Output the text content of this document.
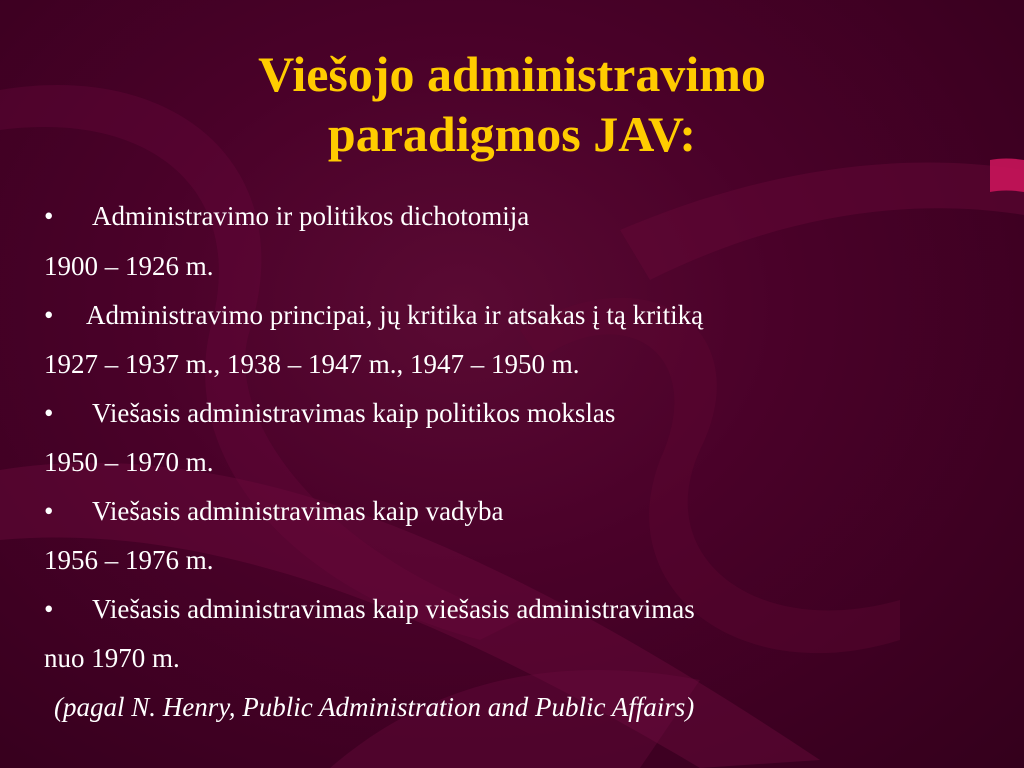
Viešojo administravimo
paradigmos JAV:
• Administravimo ir politikos dichotomija
1900 – 1926 m.
• Administravimo principai, jų kritika ir atsakas į tą kritiką
1927 – 1937 m., 1938 – 1947 m., 1947 – 1950 m.
• Viešasis administravimas kaip politikos mokslas
1950 – 1970 m.
• Viešasis administravimas kaip vadyba
1956 – 1976 m.
• Viešasis administravimas kaip viešasis administravimas
nuo 1970 m.
(pagal N. Henry, Public Administration and Public Affairs)
